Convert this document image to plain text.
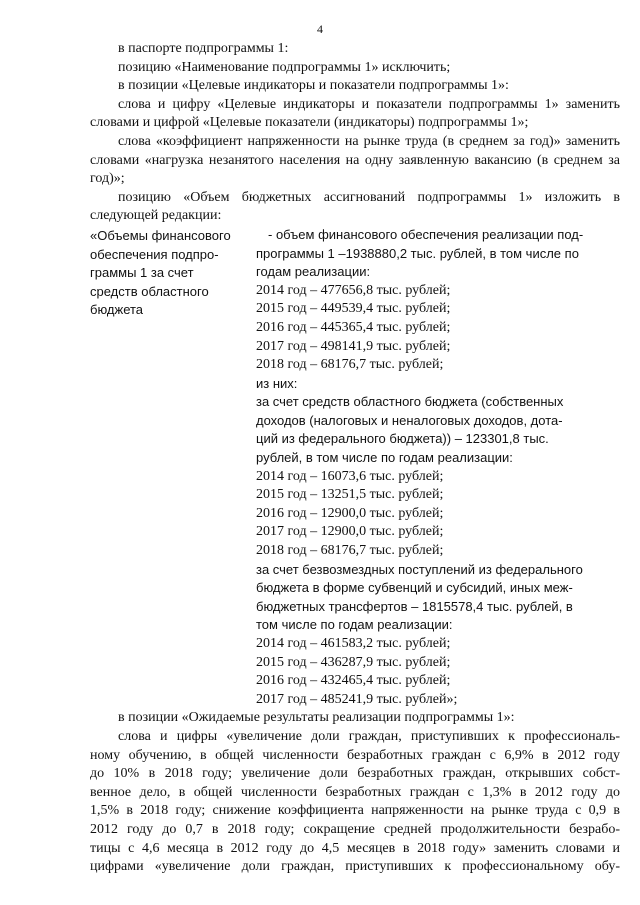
4

в паспорте подпрограммы 1:

позицию «Наименование подпрограммы 1» исключить;

в позиции «Целевые индикаторы и показатели подпрограммы 1»:

слова и цифру «Целевые индикаторы и показатели подпрограммы 1» заменить словами и цифрой «Целевые показатели (индикаторы) подпрограммы 1»;

слова «коэффициент напряженности на рынке труда (в среднем за год)» заменить словами «нагрузка незанятого населения на одну заявленную вакансию (в среднем за год)»;

позицию «Объем бюджетных ассигнований подпрограммы 1» изложить в следующей редакции:

«Объемы финансового
обеспечения подпро-
граммы 1 за счет
средств областного
бюджета
- объем финансового обеспечения реализации под-
программы 1 –1938880,2 тыс. рублей, в том числе по
годам реализации:
2014 год – 477656,8 тыс. рублей;
2015 год – 449539,4 тыс. рублей;
2016 год – 445365,4 тыс. рублей;
2017 год – 498141,9 тыс. рублей;
2018 год – 68176,7 тыс. рублей;
из них:
за счет средств областного бюджета (собственных
доходов (налоговых и неналоговых доходов, дота-
ций из федерального бюджета)) – 123301,8 тыс.
рублей, в том числе по годам реализации:
2014 год – 16073,6 тыс. рублей;
2015 год – 13251,5 тыс. рублей;
2016 год – 12900,0 тыс. рублей;
2017 год – 12900,0 тыс. рублей;
2018 год – 68176,7 тыс. рублей;
за счет безвозмездных поступлений из федерального
бюджета в форме субвенций и субсидий, иных меж-
бюджетных трансфертов – 1815578,4 тыс. рублей, в
том числе по годам реализации:
2014 год – 461583,2 тыс. рублей;
2015 год – 436287,9 тыс. рублей;
2016 год – 432465,4 тыс. рублей;
2017 год – 485241,9 тыс. рублей»;

в позиции «Ожидаемые результаты реализации подпрограммы 1»:

слова и цифры «увеличение доли граждан, приступивших к профессиональ-
ному обучению, в общей численности безработных граждан с 6,9% в 2012 году
до 10% в 2018 году; увеличение доли безработных граждан, открывших собст-
венное дело, в общей численности безработных граждан с 1,3% в 2012 году до
1,5% в 2018 году; снижение коэффициента напряженности на рынке труда с 0,9 в
2012 году до 0,7 в 2018 году; сокращение средней продолжительности безрабо-
тицы с 4,6 месяца в 2012 году до 4,5 месяцев в 2018 году» заменить словами и
цифрами «увеличение доли граждан, приступивших к профессиональному обу-
